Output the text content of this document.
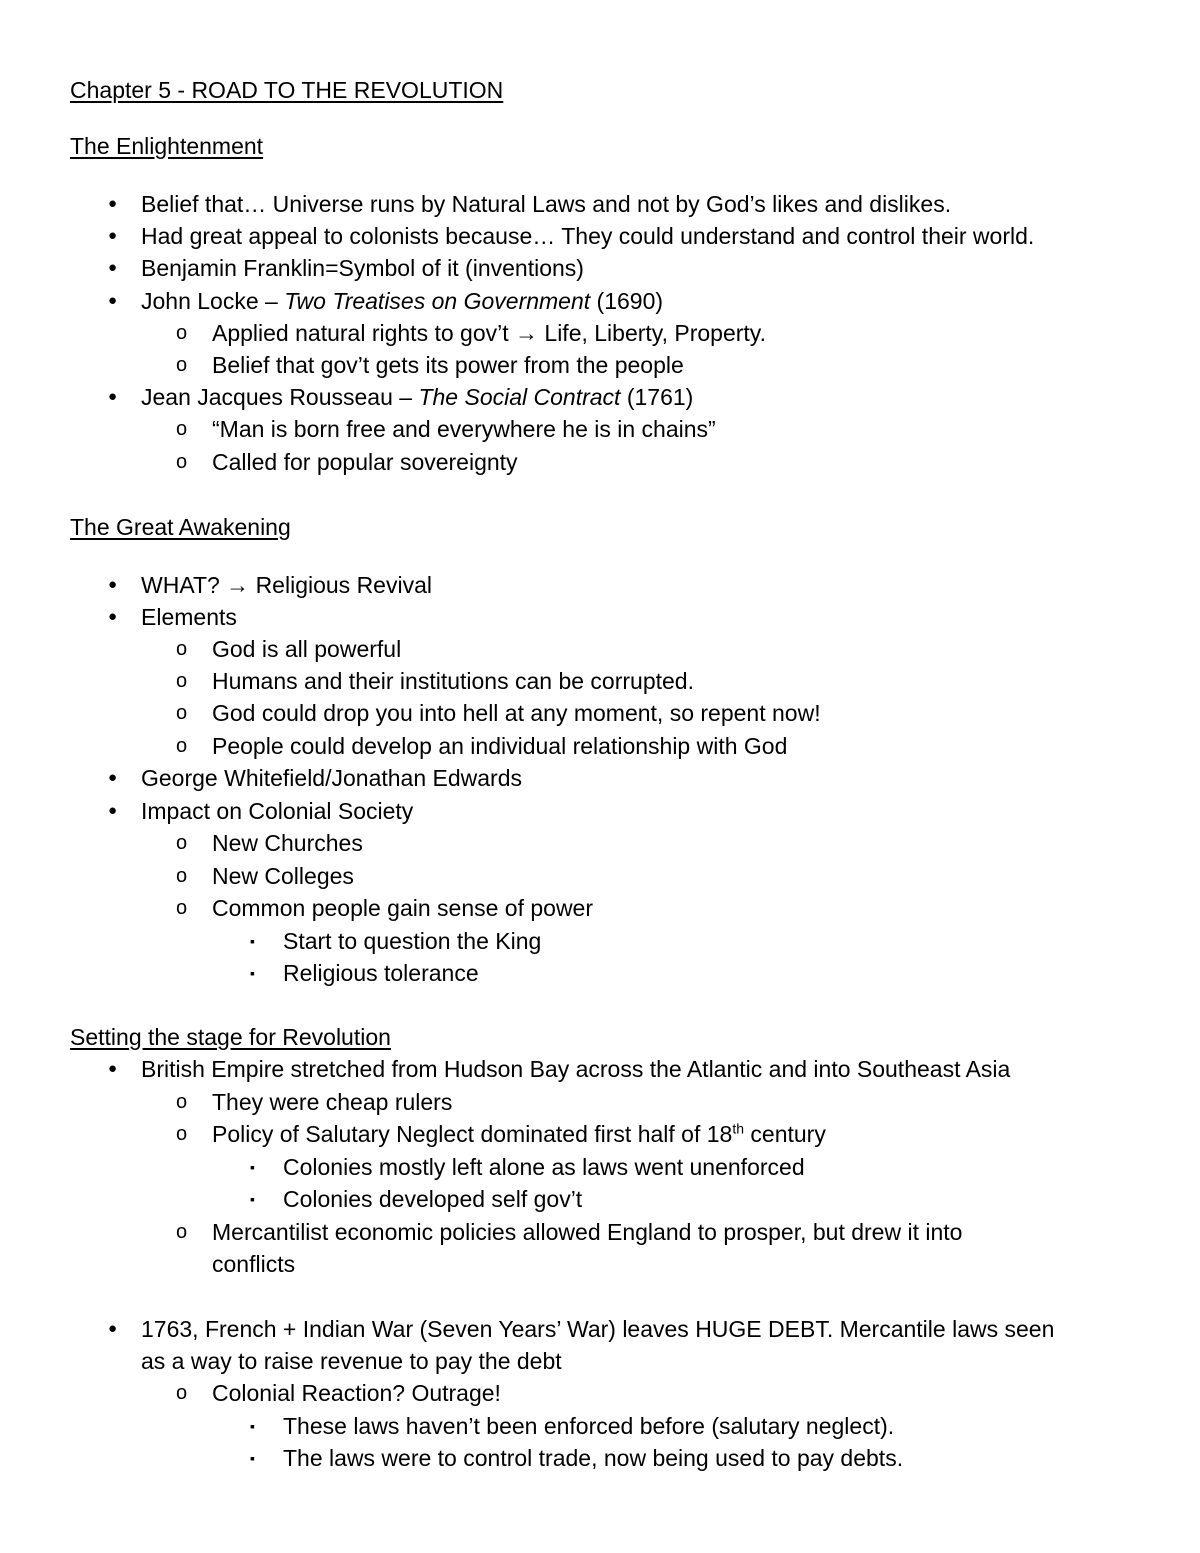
Chapter 5 - ROAD TO THE REVOLUTION
The Enlightenment
● Belief that… Universe runs by Natural Laws and not by God’s likes and dislikes.
● Had great appeal to colonists because… They could understand and control their world.
● Benjamin Franklin=Symbol of it (inventions)
● John Locke – Two Treatises on Government (1690)
o Applied natural rights to gov’t → Life, Liberty, Property.
o Belief that gov’t gets its power from the people
● Jean Jacques Rousseau – The Social Contract (1761)
o “Man is born free and everywhere he is in chains”
o Called for popular sovereignty
The Great Awakening
● WHAT? → Religious Revival
● Elements
o God is all powerful
o Humans and their institutions can be corrupted.
o God could drop you into hell at any moment, so repent now!
o People could develop an individual relationship with God
● George Whitefield/Jonathan Edwards
● Impact on Colonial Society
o New Churches
o New Colleges
o Common people gain sense of power
▪ Start to question the King
▪ Religious tolerance
Setting the stage for Revolution
● British Empire stretched from Hudson Bay across the Atlantic and into Southeast Asia
o They were cheap rulers
o Policy of Salutary Neglect dominated first half of 18th century
▪ Colonies mostly left alone as laws went unenforced
▪ Colonies developed self gov’t
o Mercantilist economic policies allowed England to prosper, but drew it into
conflicts
● 1763, French + Indian War (Seven Years’ War) leaves HUGE DEBT. Mercantile laws seen
as a way to raise revenue to pay the debt
o Colonial Reaction? Outrage!
▪ These laws haven’t been enforced before (salutary neglect).
▪ The laws were to control trade, now being used to pay debts.
